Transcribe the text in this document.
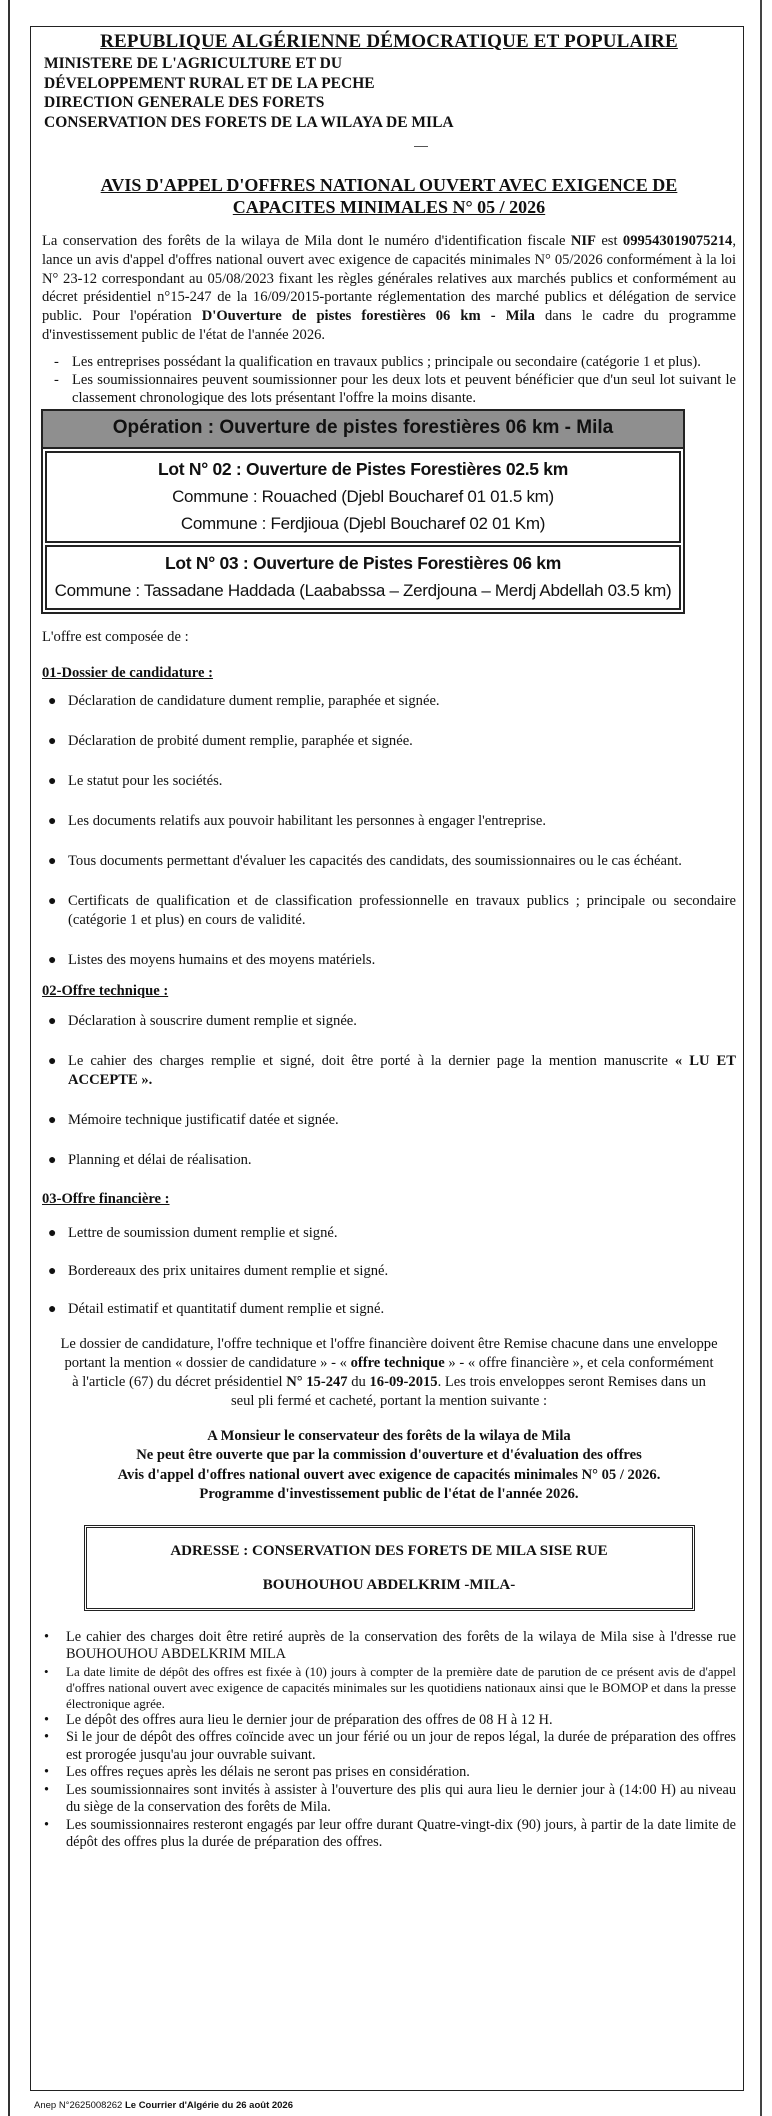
REPUBLIQUE ALGÉRIENNE DÉMOCRATIQUE ET POPULAIRE

MINISTERE DE L'AGRICULTURE ET DU

DÉVELOPPEMENT RURAL ET DE LA PECHE

DIRECTION GENERALE DES FORETS

CONSERVATION DES FORETS DE LA WILAYA DE MILA

AVIS D'APPEL D'OFFRES NATIONAL OUVERT AVEC EXIGENCE DE
CAPACITES MINIMALES N° 05 / 2026

La conservation des forêts de la wilaya de Mila dont le numéro d'identification fiscale NIF est 099543019075214, lance un avis d'appel d'offres national ouvert avec exigence de capacités minimales N° 05/2026 conformément à la loi N° 23-12 correspondant au 05/08/2023 fixant les règles générales relatives aux marchés publics et conformément au décret présidentiel n°15-247 de la 16/09/2015-portante réglementation des marché publics et délégation de service public. Pour l'opération D'Ouverture de pistes forestières 06 km - Mila dans le cadre du programme d'investissement public de l'état de l'année 2026.

- Les entreprises possédant la qualification en travaux publics ; principale ou secondaire (catégorie 1 et plus).
- Les soumissionnaires peuvent soumissionner pour les deux lots et peuvent bénéficier que d'un seul lot suivant le classement chronologique des lots présentant l'offre la moins disante.
Opération : Ouverture de pistes forestières 06 km - Mila
Lot N° 02 : Ouverture de Pistes Forestières 02.5 km
Commune : Rouached (Djebl Boucharef 01 01.5 km)
Commune : Ferdjioua (Djebl Boucharef 02 01 Km)
Lot N° 03 : Ouverture de Pistes Forestières 06 km
Commune : Tassadane Haddada (Laababssa – Zerdjouna – Merdj Abdellah 03.5 km)

L'offre est composée de :

01-Dossier de candidature :

● Déclaration de candidature dument remplie, paraphée et signée.
● Déclaration de probité dument remplie, paraphée et signée.
● Le statut pour les sociétés.
● Les documents relatifs aux pouvoir habilitant les personnes à engager l'entreprise.
● Tous documents permettant d'évaluer les capacités des candidats, des soumissionnaires ou le cas échéant.
● Certificats de qualification et de classification professionnelle en travaux publics ; principale ou secondaire (catégorie 1 et plus) en cours de validité.
● Listes des moyens humains et des moyens matériels.

02-Offre technique :

● Déclaration à souscrire dument remplie et signée.
● Le cahier des charges remplie et signé, doit être porté à la dernier page la mention manuscrite « LU ET ACCEPTE ».
● Mémoire technique justificatif datée et signée.
● Planning et délai de réalisation.

03-Offre financière :

● Lettre de soumission dument remplie et signé.
● Bordereaux des prix unitaires dument remplie et signé.
● Détail estimatif et quantitatif dument remplie et signé.

Le dossier de candidature, l'offre technique et l'offre financière doivent être Remise chacune dans une enveloppe portant la mention « dossier de candidature » - « offre technique » - « offre financière », et cela conformément à l'article (67) du décret présidentiel N° 15-247 du 16-09-2015. Les trois enveloppes seront Remises dans un seul pli fermé et cacheté, portant la mention suivante :

A Monsieur le conservateur des forêts de la wilaya de Mila

Ne peut être ouverte que par la commission d'ouverture et d'évaluation des offres

Avis d'appel d'offres national ouvert avec exigence de capacités minimales N° 05 / 2026.

Programme d'investissement public de l'état de l'année 2026.

ADRESSE : CONSERVATION DES FORETS DE MILA SISE RUE
BOUHOUHOU ABDELKRIM -MILA-
• Le cahier des charges doit être retiré auprès de la conservation des forêts de la wilaya de Mila sise à l'dresse rue BOUHOUHOU ABDELKRIM MILA
• La date limite de dépôt des offres est fixée à (10) jours à compter de la première date de parution de ce présent avis de d'appel d'offres national ouvert avec exigence de capacités minimales sur les quotidiens nationaux ainsi que le BOMOP et dans la presse électronique agrée.
• Le dépôt des offres aura lieu le dernier jour de préparation des offres de 08 H à 12 H.
• Si le jour de dépôt des offres coïncide avec un jour férié ou un jour de repos légal, la durée de préparation des offres est prorogée jusqu'au jour ouvrable suivant.
• Les offres reçues après les délais ne seront pas prises en considération.
• Les soumissionnaires sont invités à assister à l'ouverture des plis qui aura lieu le dernier jour à (14:00 H) au niveau du siège de la conservation des forêts de Mila.
• Les soumissionnaires resteront engagés par leur offre durant Quatre-vingt-dix (90) jours, à partir de la date limite de dépôt des offres plus la durée de préparation des offres.
Anep N°2625008262 Le Courrier d'Algérie du 26 août 2026
